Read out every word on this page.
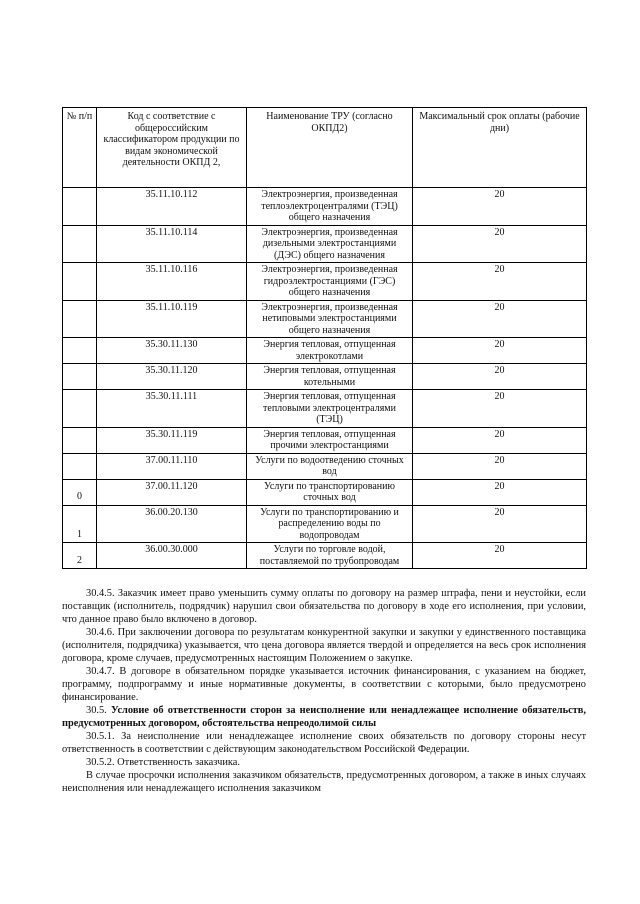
№ п/п	Код с соответствие с общероссийским классификатором продукции по видам экономической деятельности ОКПД 2,	Наименование ТРУ (согласно ОКПД2)	Максимальный срок оплаты (рабочие дни)
	35.11.10.112	Электроэнергия, произведенная теплоэлектроцентралями (ТЭЦ) общего назначения	20
	35.11.10.114	Электроэнергия, произведенная дизельными электростанциями (ДЭС) общего назначения	20
	35.11.10.116	Электроэнергия, произведенная гидроэлектростанциями (ГЭС) общего назначения	20
	35.11.10.119	Электроэнергия, произведенная нетиповыми электростанциями общего назначения	20
	35.30.11.130	Энергия тепловая, отпущенная электрокотлами	20
	35.30.11.120	Энергия тепловая, отпущенная котельными	20
	35.30.11.111	Энергия тепловая, отпущенная тепловыми электроцентралями (ТЭЦ)	20
	35.30.11.119	Энергия тепловая, отпущенная прочими электростанциями	20
	37.00.11.110	Услуги по водоотведению сточных вод	20
0	37.00.11.120	Услуги по транспортированию сточных вод	20
1	36.00.20.130	Услуги по транспортированию и распределению воды по водопроводам	20
2	36.00.30.000	Услуги по торговле водой, поставляемой по трубопроводам	20

30.4.5. Заказчик имеет право уменьшить сумму оплаты по договору на размер штрафа, пени и неустойки, если поставщик (исполнитель, подрядчик) нарушил свои обязательства по договору в ходе его исполнения, при условии, что данное право было включено в договор.

30.4.6. При заключении договора по результатам конкурентной закупки и закупки у единственного поставщика (исполнителя, подрядчика) указывается, что цена договора является твердой и определяется на весь срок исполнения договора, кроме случаев, предусмотренных настоящим Положением о закупке.

30.4.7. В договоре в обязательном порядке указывается источник финансирования, с указанием на бюджет, программу, подпрограмму и иные нормативные документы, в соответствии с которыми, было предусмотрено финансирование.

30.5. Условие об ответственности сторон за неисполнение или ненадлежащее исполнение обязательств, предусмотренных договором, обстоятельства непреодолимой силы

30.5.1. За неисполнение или ненадлежащее исполнение своих обязательств по договору стороны несут ответственность в соответствии с действующим законодательством Российской Федерации.

30.5.2. Ответственность заказчика.

В случае просрочки исполнения заказчиком обязательств, предусмотренных договором, а также в иных случаях неисполнения или ненадлежащего исполнения заказчиком
